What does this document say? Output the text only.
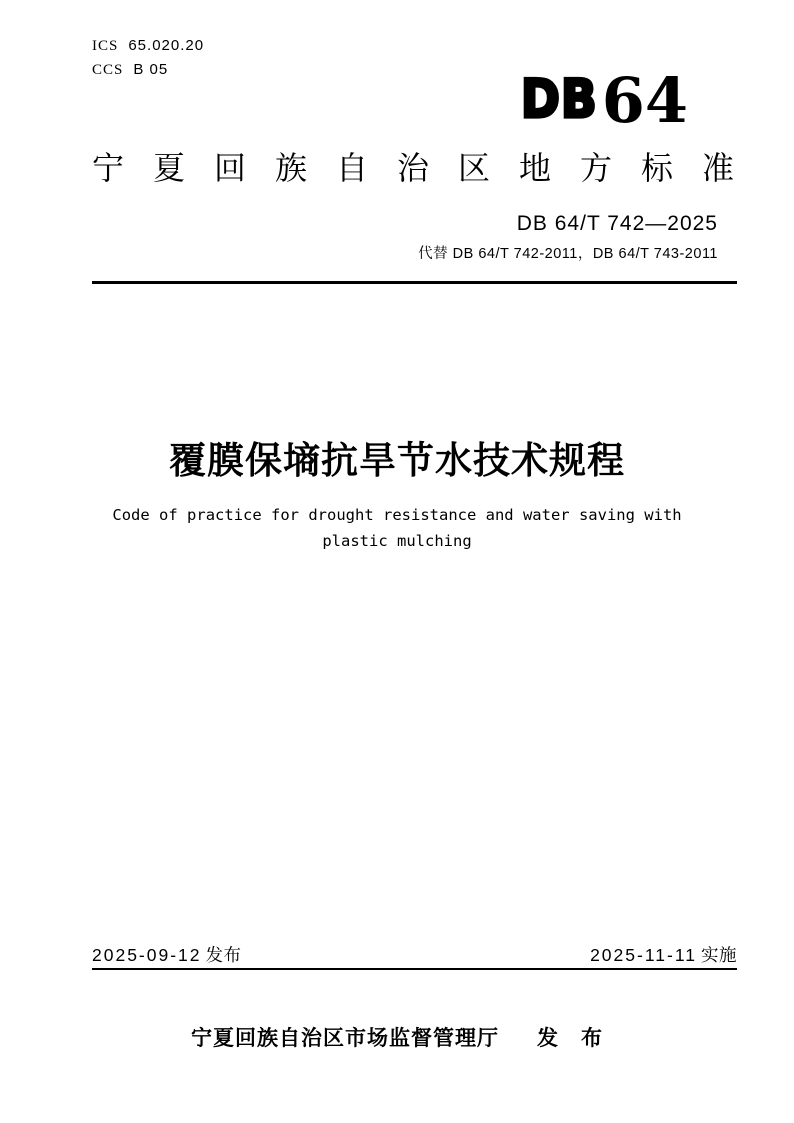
ICS 65.020.20
CCS B 05	DB 64
宁夏回族自治区地方标准
DB 64/T 742—2025
代替 DB 64/T 742-2011，DB 64/T 743-2011
覆膜保墒抗旱节水技术规程
Code of practice for drought resistance and water saving with
plastic mulching
2025-09-12 发布	2025-11-11 实施
宁夏回族自治区市场监督管理厅 发　布
